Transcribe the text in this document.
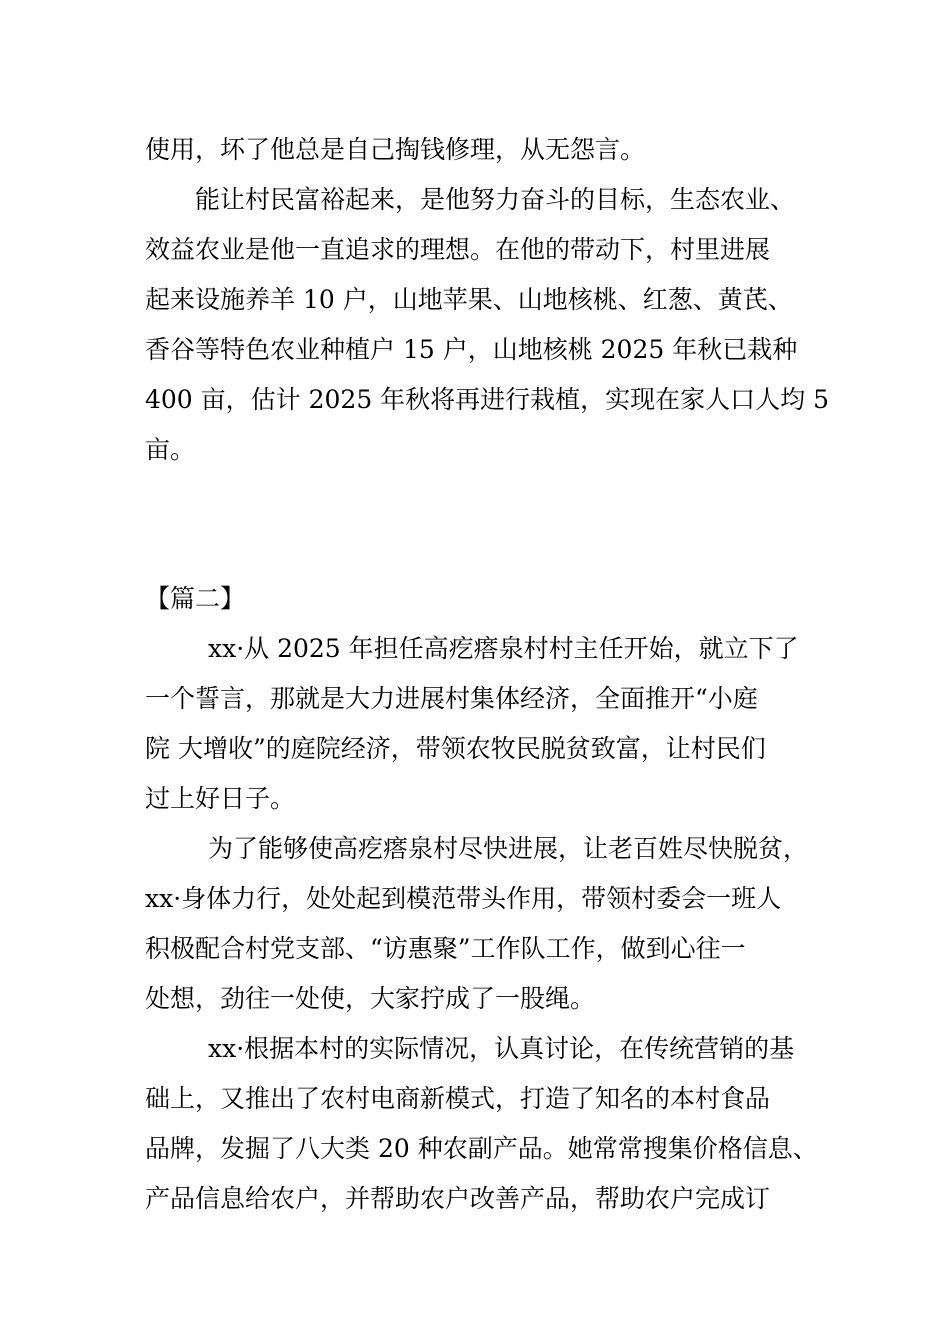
使用，坏了他总是自己掏钱修理，从无怨言。
能让村民富裕起来，是他努力奋斗的目标，生态农业、
效益农业是他一直追求的理想。在他的带动下，村里进展
起来设施养羊 10 户，山地苹果、山地核桃、红葱、黄芪、
香谷等特色农业种植户 15 户，山地核桃 2025 年秋已栽种
400 亩，估计 2025 年秋将再进行栽植，实现在家人口人均 5
亩。
【篇二】
xx·从 2025 年担任高疙瘩泉村村主任开始，就立下了
一个誓言，那就是大力进展村集体经济，全面推开“小庭
院 大增收”的庭院经济，带领农牧民脱贫致富，让村民们
过上好日子。
为了能够使高疙瘩泉村尽快进展，让老百姓尽快脱贫，
xx·身体力行，处处起到模范带头作用，带领村委会一班人
积极配合村党支部、“访惠聚”工作队工作，做到心往一
处想，劲往一处使，大家拧成了一股绳。
xx·根据本村的实际情况，认真讨论，在传统营销的基
础上，又推出了农村电商新模式，打造了知名的本村食品
品牌，发掘了八大类 20 种农副产品。她常常搜集价格信息、
产品信息给农户，并帮助农户改善产品，帮助农户完成订
